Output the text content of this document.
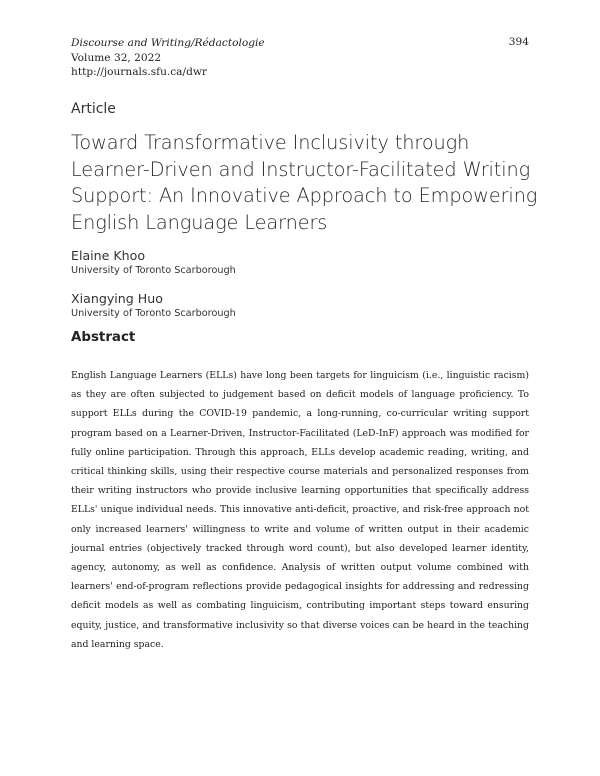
Discourse and Writing/Rédactologie
Volume 32, 2022
http://journals.sfu.ca/dwr
394
Article
Toward Transformative Inclusivity through Learner-Driven and Instructor-Facilitated Writing Support: An Innovative Approach to Empowering English Language Learners
Elaine Khoo
University of Toronto Scarborough
Xiangying Huo
University of Toronto Scarborough
Abstract
English Language Learners (ELLs) have long been targets for linguicism (i.e., linguistic racism) as they are often subjected to judgement based on deficit models of language proficiency. To support ELLs during the COVID-19 pandemic, a long-running, co-curricular writing support program based on a Learner-Driven, Instructor-Facilitated (LeD-InF) approach was modified for fully online participation. Through this approach, ELLs develop academic reading, writing, and critical thinking skills, using their respective course materials and personalized responses from their writing instructors who provide inclusive learning opportunities that specifically address ELLs' unique individual needs. This innovative anti-deficit, proactive, and risk-free approach not only increased learners' willingness to write and volume of written output in their academic journal entries (objectively tracked through word count), but also developed learner identity, agency, autonomy, as well as confidence. Analysis of written output volume combined with learners' end-of-program reflections provide pedagogical insights for addressing and redressing deficit models as well as combating linguicism, contributing important steps toward ensuring equity, justice, and transformative inclusivity so that diverse voices can be heard in the teaching and learning space.
